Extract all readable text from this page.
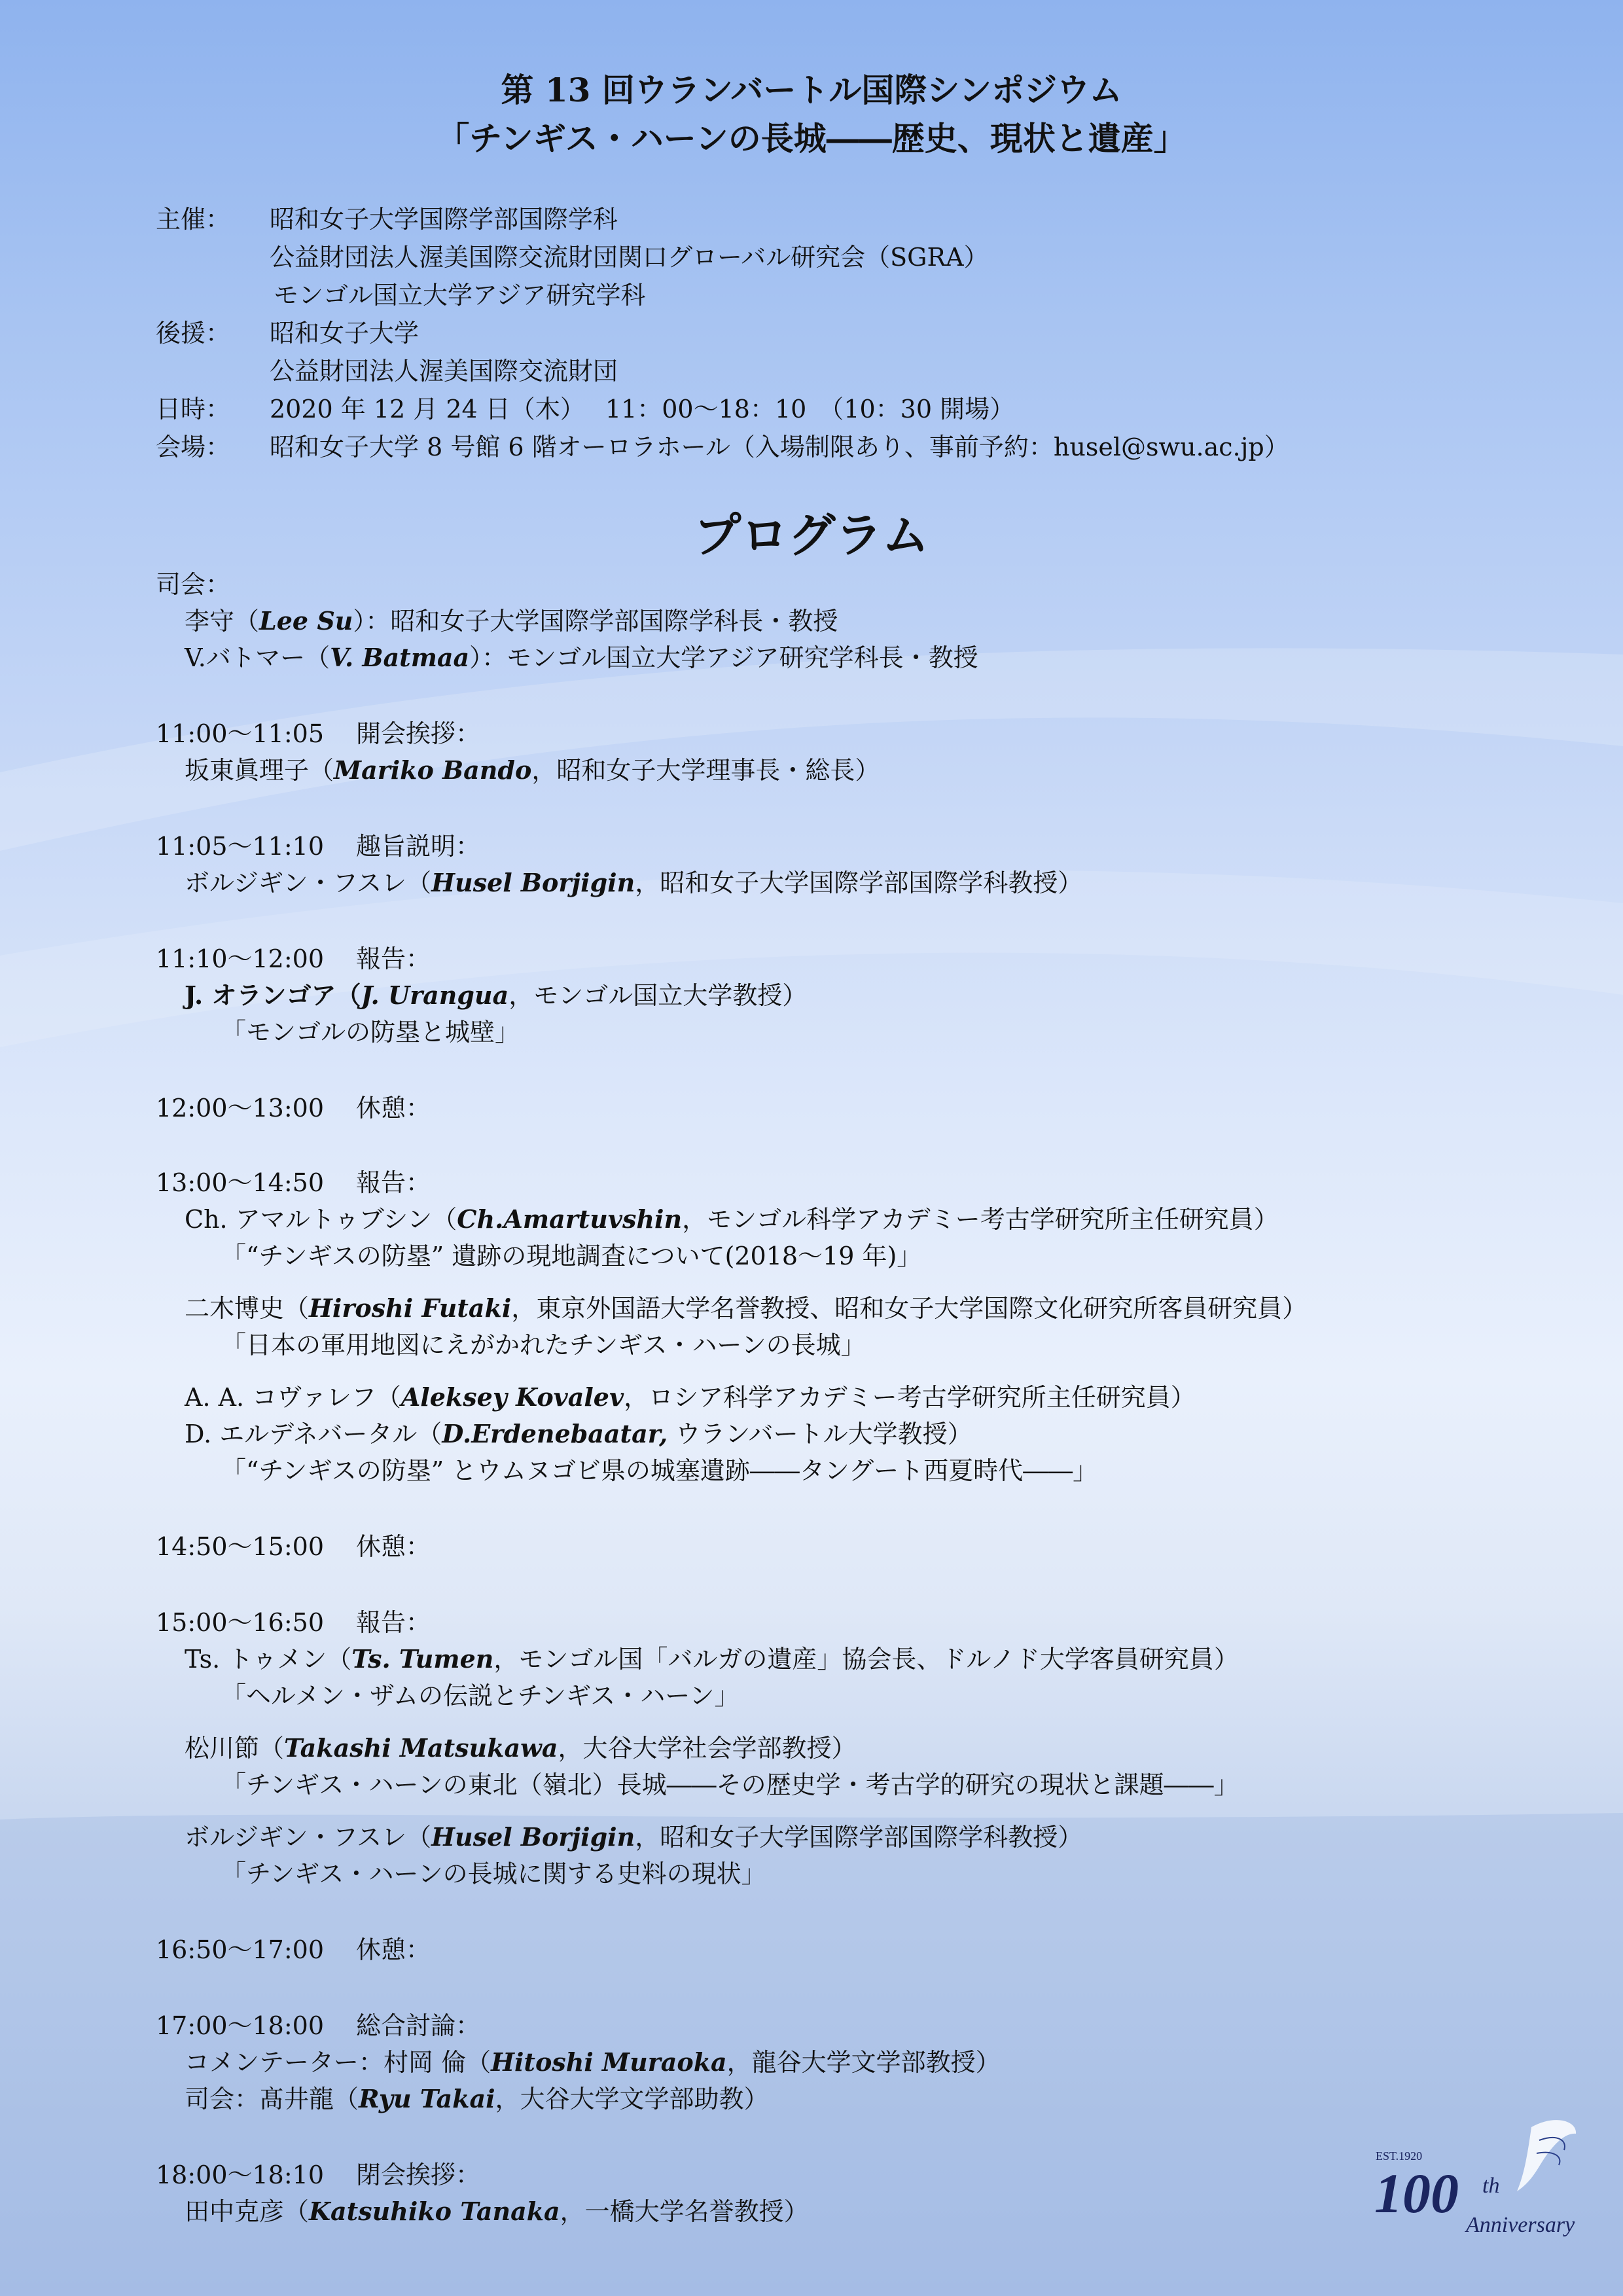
第 13 回ウランバートル国際シンポジウム
「チンギス・ハーンの長城――歴史、現状と遺産」
主催： 昭和女子大学国際学部国際学科
公益財団法人渥美国際交流財団関口グローバル研究会（SGRA）
モンゴル国立大学アジア研究学科
後援： 昭和女子大学
公益財団法人渥美国際交流財団
日時： 2020 年 12 月 24 日（木）　 11：00～18：10　（10：30 開場）
会場： 昭和女子大学 8 号館 6 階オーロラホール（入場制限あり、事前予約：husel@swu.ac.jp）
プログラム
司会：
李守（Lee Su）：昭和女子大学国際学部国際学科長・教授
V.バトマー（V. Batmaa）：モンゴル国立大学アジア研究学科長・教授
11:00～11:05 開会挨拶：
坂東眞理子（Mariko Bando，昭和女子大学理事長・総長）
11:05～11:10 趣旨説明：
ボルジギン・フスレ（Husel Borjigin，昭和女子大学国際学部国際学科教授）
11:10～12:00 報告：
J. オランゴア（J. Urangua，モンゴル国立大学教授）
「モンゴルの防塁と城壁」
12:00～13:00 休憩：
13:00～14:50 報告：
Ch. アマルトゥブシン（Ch.Amartuvshin，モンゴル科学アカデミー考古学研究所主任研究員）
「“チンギスの防塁” 遺跡の現地調査について(2018～19 年)」
二木博史（Hiroshi Futaki，東京外国語大学名誉教授、昭和女子大学国際文化研究所客員研究員）
「日本の軍用地図にえがかれたチンギス・ハーンの長城」
A. A. コヴァレフ（Aleksey Kovalev，ロシア科学アカデミー考古学研究所主任研究員）
D. エルデネバータル（D.Erdenebaatar, ウランバートル大学教授）
「“チンギスの防塁” とウムヌゴビ県の城塞遺跡――タングート西夏時代――」
14:50～15:00 休憩：
15:00～16:50 報告：
Ts. トゥメン（Ts. Tumen，モンゴル国「バルガの遺産」協会長、ドルノド大学客員研究員）
「ヘルメン・ザムの伝説とチンギス・ハーン」
松川節（Takashi Matsukawa，大谷大学社会学部教授）
「チンギス・ハーンの東北（嶺北）長城――その歴史学・考古学的研究の現状と課題――」
ボルジギン・フスレ（Husel Borjigin，昭和女子大学国際学部国際学科教授）
「チンギス・ハーンの長城に関する史料の現状」
16:50～17:00 休憩：
17:00～18:00 総合討論：
コメンテーター：村岡 倫（Hitoshi Muraoka，龍谷大学文学部教授）
司会：髙井龍（Ryu Takai，大谷大学文学部助教）
18:00～18:10 閉会挨拶：
田中克彦（Katsuhiko Tanaka，一橋大学名誉教授）
EST.1920
100 th
Anniversary
